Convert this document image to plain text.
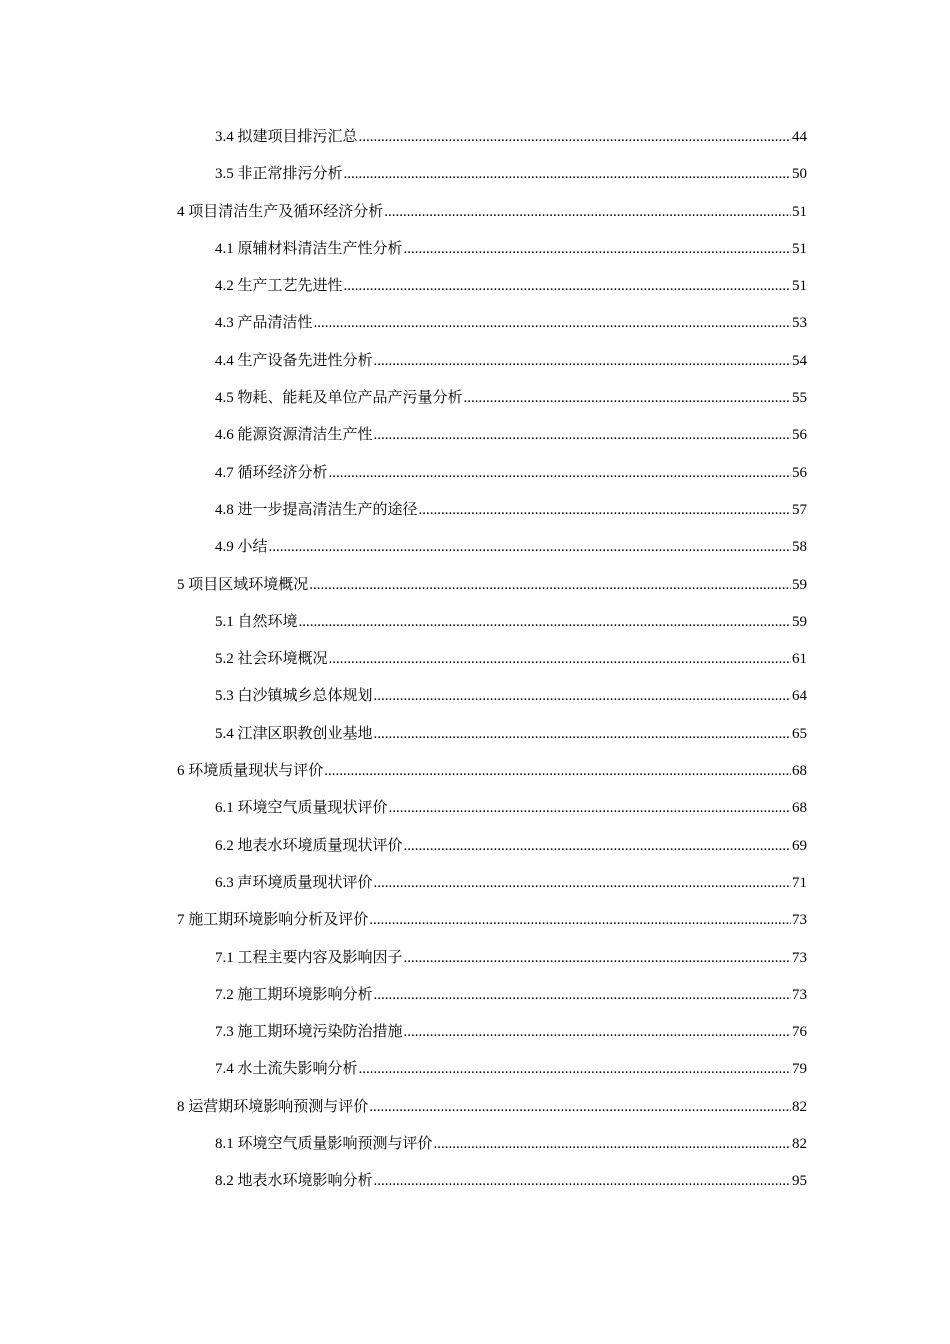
3.4 拟建项目排污汇总 .....	44
3.5 非正常排污分析 .....	50
4 项目清洁生产及循环经济分析 .....	51
4.1 原辅材料清洁生产性分析 .....	51
4.2 生产工艺先进性 .....	51
4.3 产品清洁性 .....	53
4.4 生产设备先进性分析 .....	54
4.5 物耗、能耗及单位产品产污量分析 .....	55
4.6 能源资源清洁生产性 .....	56
4.7 循环经济分析 .....	56
4.8 进一步提高清洁生产的途径 .....	57
4.9 小结 .....	58
5 项目区域环境概况 .....	59
5.1 自然环境 .....	59
5.2 社会环境概况 .....	61
5.3 白沙镇城乡总体规划 .....	64
5.4 江津区职教创业基地 .....	65
6 环境质量现状与评价 .....	68
6.1 环境空气质量现状评价 .....	68
6.2 地表水环境质量现状评价 .....	69
6.3 声环境质量现状评价 .....	71
7 施工期环境影响分析及评价 .....	73
7.1 工程主要内容及影响因子 .....	73
7.2 施工期环境影响分析 .....	73
7.3 施工期环境污染防治措施 .....	76
7.4 水土流失影响分析 .....	79
8 运营期环境影响预测与评价 .....	82
8.1 环境空气质量影响预测与评价 .....	82
8.2 地表水环境影响分析 .....	95
